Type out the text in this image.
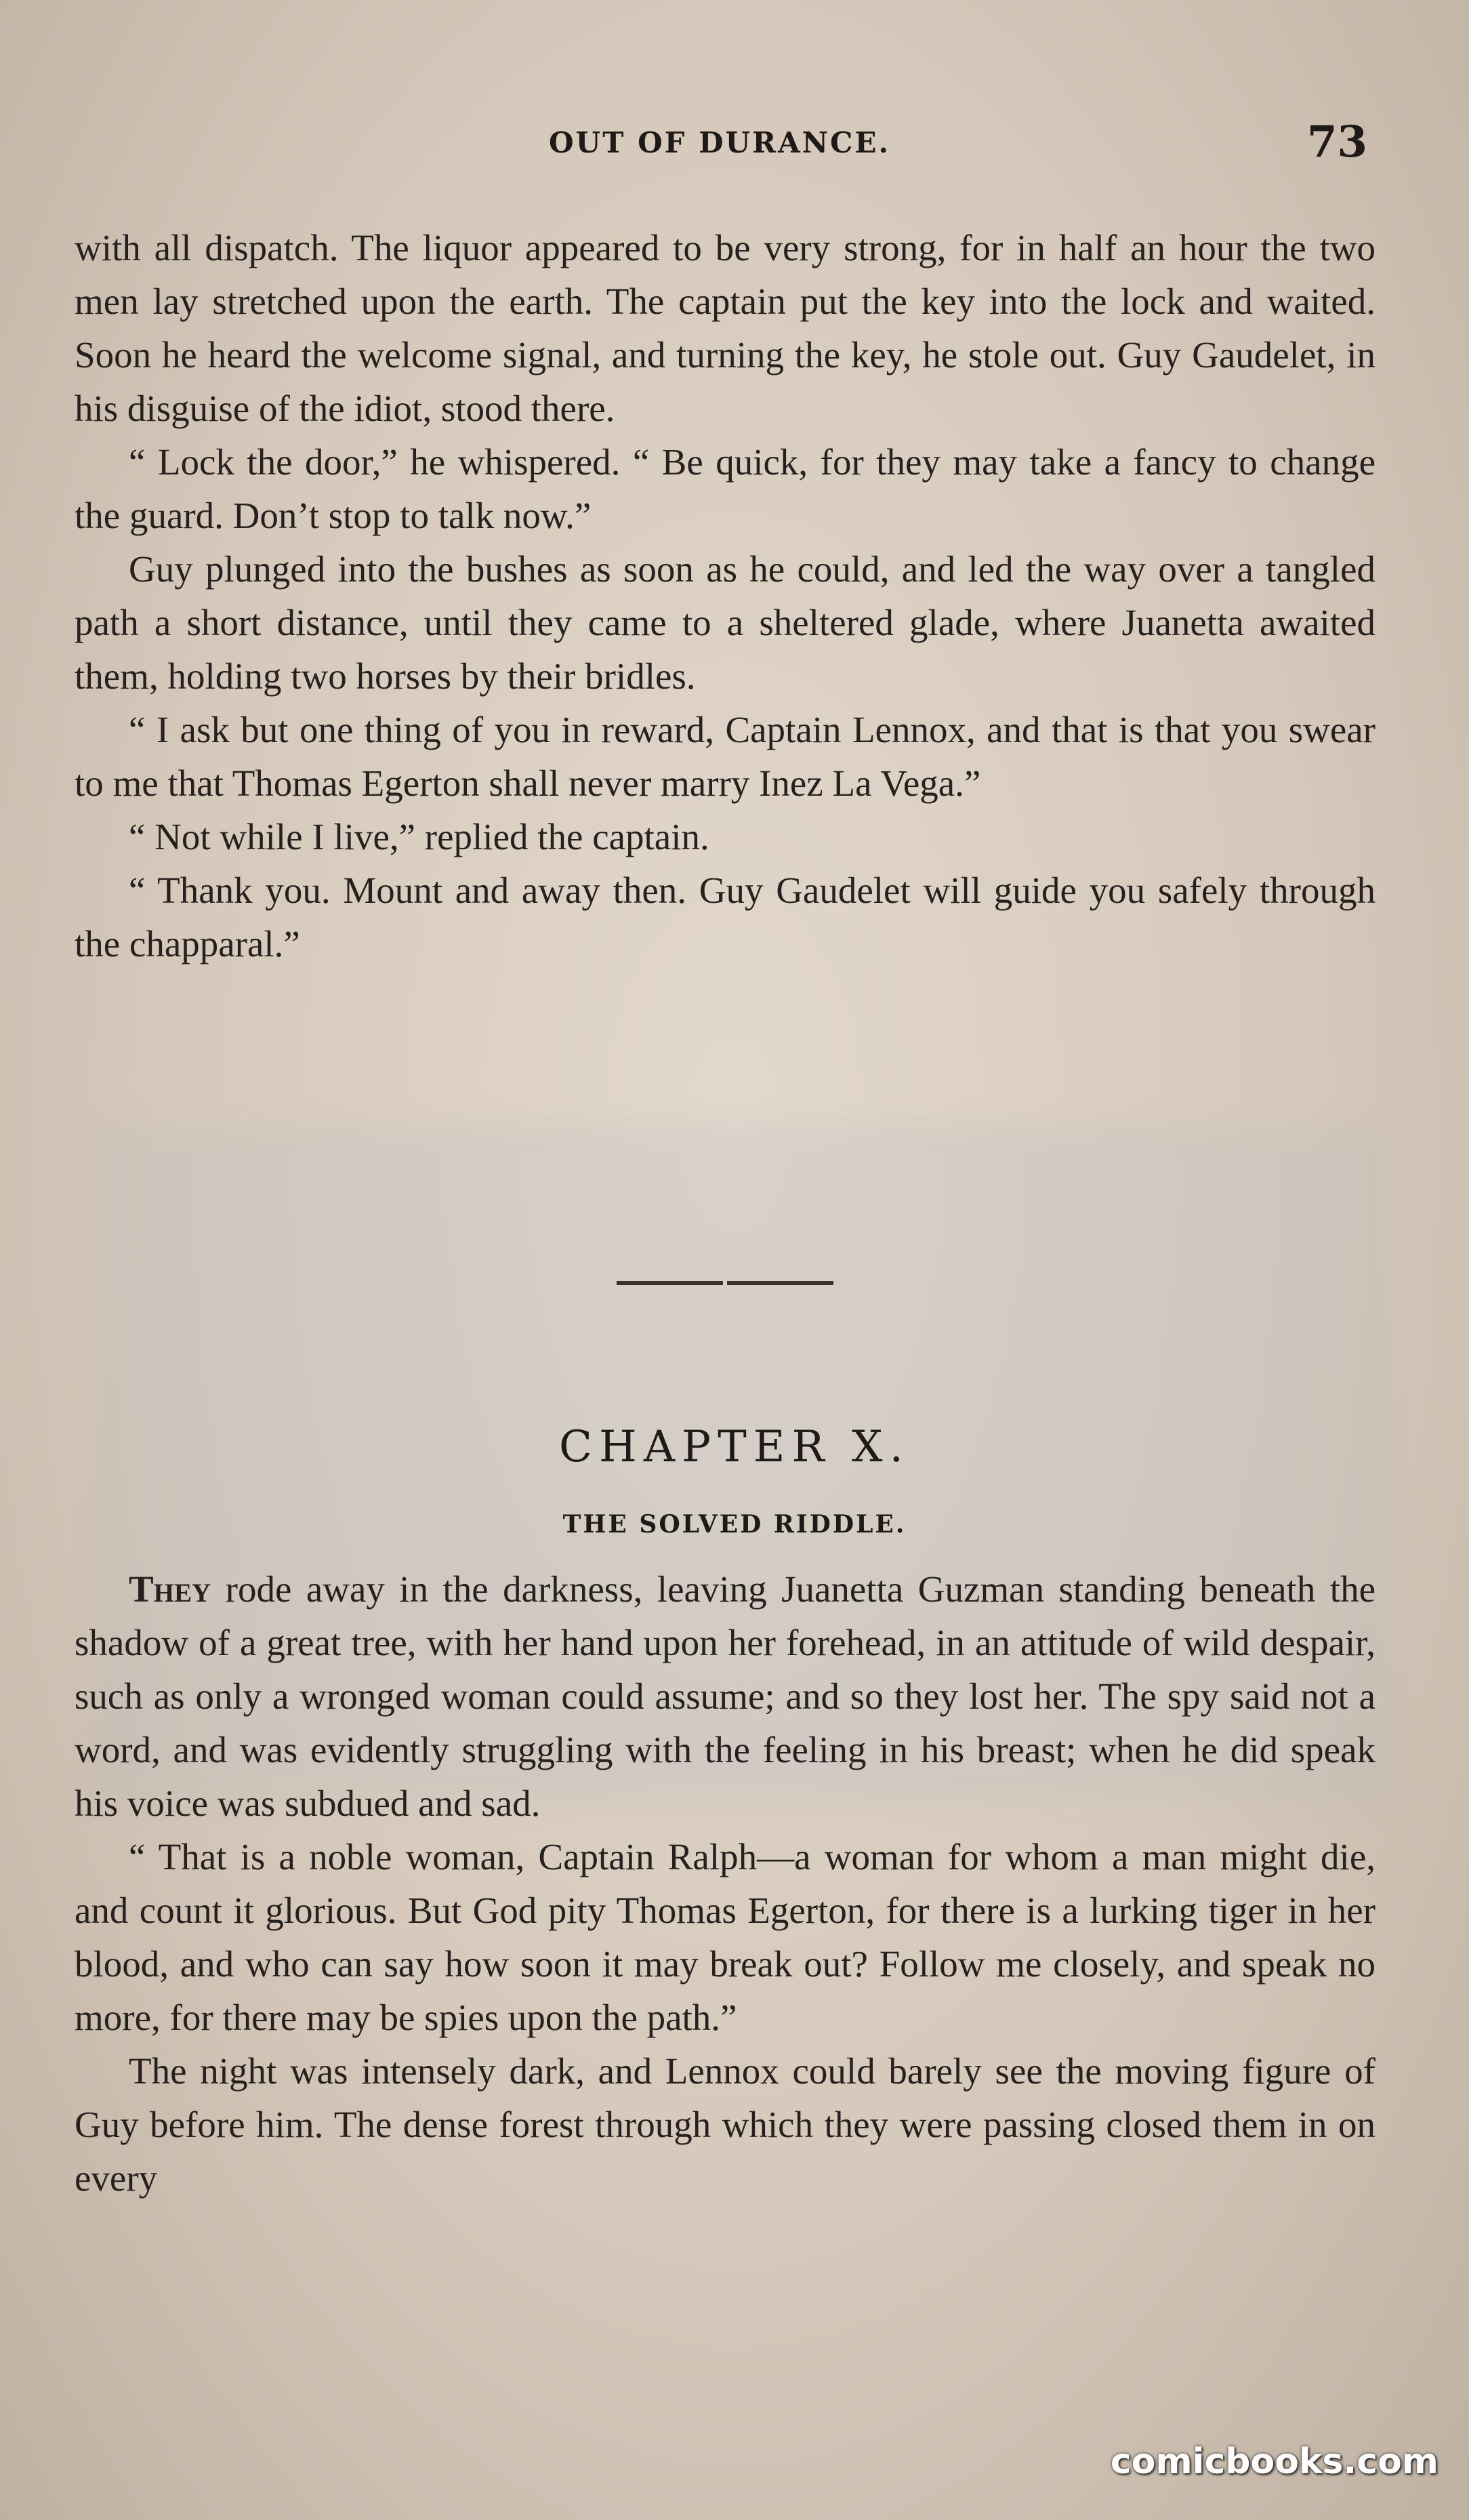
OUT OF DURANCE.	73

with all dispatch. The liquor appeared to be very strong, for in half an hour the two men lay stretched upon the earth. The captain put the key into the lock and waited. Soon he heard the welcome signal, and turning the key, he stole out. Guy Gaudelet, in his disguise of the idiot, stood there.

“ Lock the door,” he whispered. “ Be quick, for they may take a fancy to change the guard. Don’t stop to talk now.”

Guy plunged into the bushes as soon as he could, and led the way over a tangled path a short distance, until they came to a sheltered glade, where Juanetta awaited them, holding two horses by their bridles.

“ I ask but one thing of you in reward, Captain Lennox, and that is that you swear to me that Thomas Egerton shall never marry Inez La Vega.”

“ Not while I live,” replied the captain.

“ Thank you. Mount and away then. Guy Gaudelet will guide you safely through the chapparal.”

CHAPTER X.
THE SOLVED RIDDLE.

They rode away in the darkness, leaving Juanetta Guzman standing beneath the shadow of a great tree, with her hand upon her forehead, in an attitude of wild despair, such as only a wronged woman could assume; and so they lost her. The spy said not a word, and was evidently struggling with the feeling in his breast; when he did speak his voice was subdued and sad.

“ That is a noble woman, Captain Ralph—a woman for whom a man might die, and count it glorious. But God pity Thomas Egerton, for there is a lurking tiger in her blood, and who can say how soon it may break out? Follow me closely, and speak no more, for there may be spies upon the path.”

The night was intensely dark, and Lennox could barely see the moving figure of Guy before him. The dense forest through which they were passing closed them in on every

comicbooks.com
